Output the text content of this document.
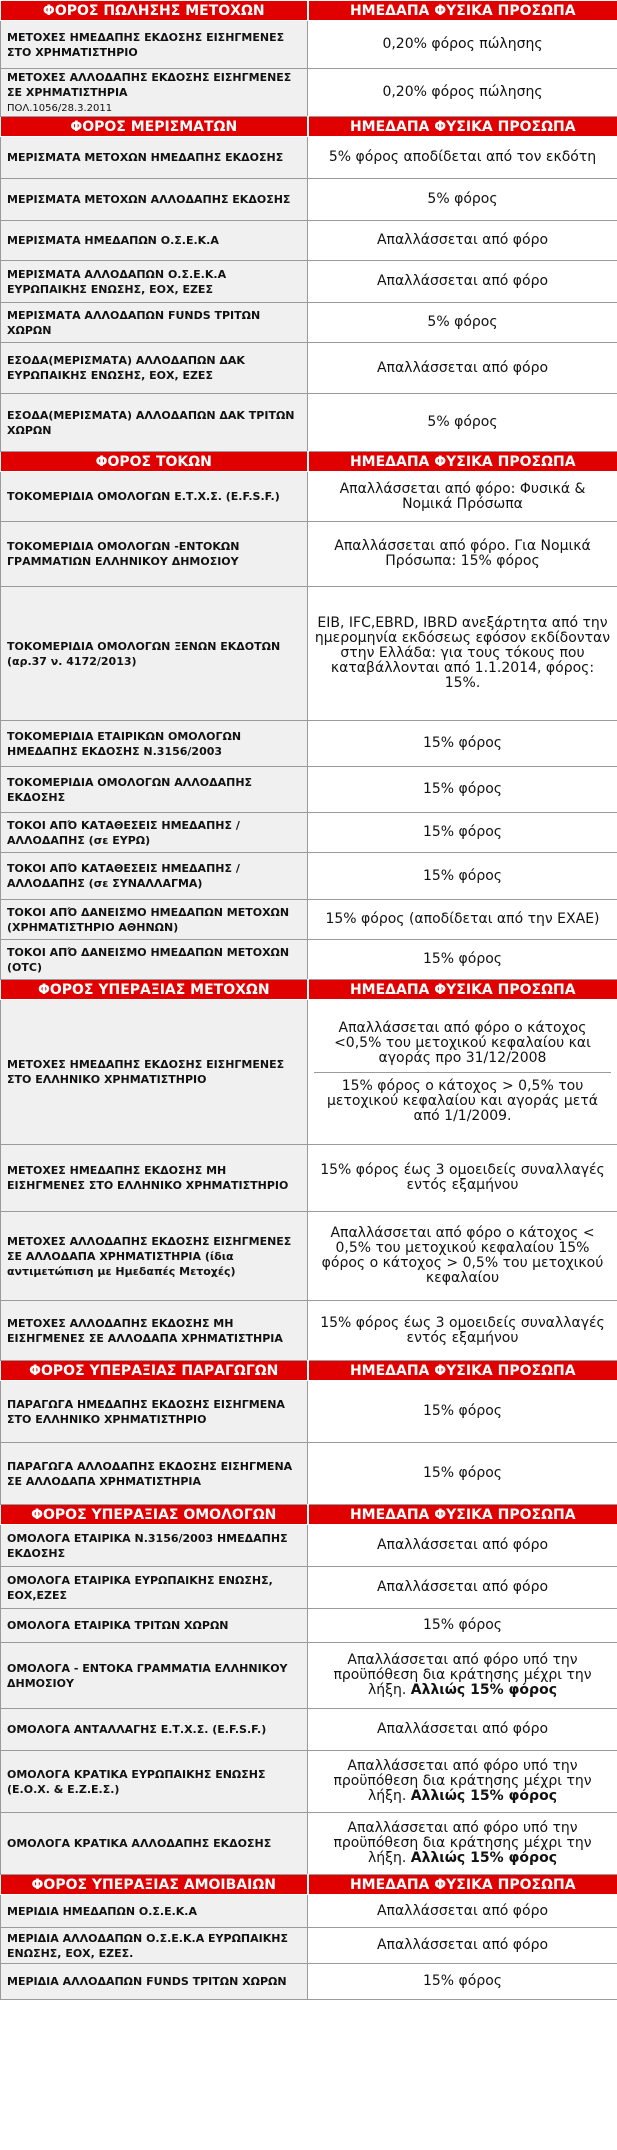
ΦΟΡΟΣ ΠΩΛΗΣΗΣ ΜΕΤΟΧΩΝ	ΗΜΕΔΑΠΑ ΦΥΣΙΚΑ ΠΡΟΣΩΠΑ
ΜΕΤΟΧΕΣ ΗΜΕΔΑΠΗΣ ΕΚΔΟΣΗΣ ΕΙΣΗΓΜΕΝΕΣ ΣΤΟ ΧΡΗΜΑΤΙΣΤΗΡΙΟ	0,20% φόρος πώλησης
ΜΕΤΟΧΕΣ ΑΛΛΟΔΑΠΗΣ ΕΚΔΟΣΗΣ ΕΙΣΗΓΜΕΝΕΣ ΣΕ ΧΡΗΜΑΤΙΣΤΗΡΙΑ
ΠΟΛ.1056/28.3.2011	0,20% φόρος πώλησης
ΦΟΡΟΣ ΜΕΡΙΣΜΑΤΩΝ	ΗΜΕΔΑΠΑ ΦΥΣΙΚΑ ΠΡΟΣΩΠΑ
ΜΕΡΙΣΜΑΤΑ ΜΕΤΟΧΩΝ ΗΜΕΔΑΠΗΣ ΕΚΔΟΣΗΣ	5% φόρος αποδίδεται από τον εκδότη
ΜΕΡΙΣΜΑΤΑ ΜΕΤΟΧΩΝ ΑΛΛΟΔΑΠΗΣ ΕΚΔΟΣΗΣ	5% φόρος
ΜΕΡΙΣΜΑΤΑ ΗΜΕΔΑΠΩΝ Ο.Σ.Ε.Κ.Α	Απαλλάσσεται από φόρο
ΜΕΡΙΣΜΑΤΑ ΑΛΛΟΔΑΠΩΝ Ο.Σ.Ε.Κ.Α ΕΥΡΩΠΑΙΚΗΣ ΕΝΩΣΗΣ, ΕΟΧ, ΕΖΕΣ	Απαλλάσσεται από φόρο
ΜΕΡΙΣΜΑΤΑ ΑΛΛΟΔΑΠΩΝ FUNDS ΤΡΙΤΩΝ ΧΩΡΩΝ	5% φόρος
ΕΣΟΔΑ(ΜΕΡΙΣΜΑΤΑ) ΑΛΛΟΔΑΠΩΝ ΔΑΚ ΕΥΡΩΠΑΙΚΗΣ ΕΝΩΣΗΣ, ΕΟΧ, ΕΖΕΣ	Απαλλάσσεται από φόρο
ΕΣΟΔΑ(ΜΕΡΙΣΜΑΤΑ) ΑΛΛΟΔΑΠΩΝ ΔΑΚ ΤΡΙΤΩΝ ΧΩΡΩΝ	5% φόρος
ΦΟΡΟΣ ΤΟΚΩΝ	ΗΜΕΔΑΠΑ ΦΥΣΙΚΑ ΠΡΟΣΩΠΑ
ΤΟΚΟΜΕΡΙΔΙΑ ΟΜΟΛΟΓΩΝ Ε.Τ.Χ.Σ. (E.F.S.F.)	Απαλλάσσεται από φόρο: Φυσικά & Νομικά Πρόσωπα
ΤΟΚΟΜΕΡΙΔΙΑ ΟΜΟΛΟΓΩΝ -ΕΝΤΟΚΩΝ ΓΡΑΜΜΑΤΙΩΝ ΕΛΛΗΝΙΚΟΥ ΔΗΜΟΣΙΟΥ	Απαλλάσσεται από φόρο. Για Νομικά Πρόσωπα: 15% φόρος
ΤΟΚΟΜΕΡΙΔΙΑ ΟΜΟΛΟΓΩΝ ΞΕΝΩΝ ΕΚΔΟΤΩΝ (αρ.37 ν. 4172/2013)	EIB, IFC,EBRD, IBRD ανεξάρτητα από την ημερομηνία εκδόσεως εφόσον εκδίδονταν στην Ελλάδα: για τους τόκους που καταβάλλονται από 1.1.2014, φόρος: 15%.
ΤΟΚΟΜΕΡΙΔΙΑ ΕΤΑΙΡΙΚΩΝ ΟΜΟΛΟΓΩΝ ΗΜΕΔΑΠΗΣ ΕΚΔΟΣΗΣ Ν.3156/2003	15% φόρος
ΤΟΚΟΜΕΡΙΔΙΑ ΟΜΟΛΟΓΩΝ ΑΛΛΟΔΑΠΗΣ ΕΚΔΟΣΗΣ	15% φόρος
ΤΟΚΟΙ ΑΠΌ ΚΑΤΑΘΕΣΕΙΣ ΗΜΕΔΑΠΗΣ / ΑΛΛΟΔΑΠΗΣ (σε ΕΥΡΩ)	15% φόρος
ΤΟΚΟΙ ΑΠΌ ΚΑΤΑΘΕΣΕΙΣ ΗΜΕΔΑΠΗΣ / ΑΛΛΟΔΑΠΗΣ (σε ΣΥΝΑΛΛΑΓΜΑ)	15% φόρος
ΤΟΚΟΙ ΑΠΌ ΔΑΝΕΙΣΜΟ ΗΜΕΔΑΠΩΝ ΜΕΤΟΧΩΝ (ΧΡΗΜΑΤΙΣΤΗΡΙΟ ΑΘΗΝΩΝ)	15% φόρος (αποδίδεται από την ΕΧΑΕ)
ΤΟΚΟΙ ΑΠΌ ΔΑΝΕΙΣΜΟ ΗΜΕΔΑΠΩΝ ΜΕΤΟΧΩΝ (OTC)	15% φόρος
ΦΟΡΟΣ ΥΠΕΡΑΞΙΑΣ ΜΕΤΟΧΩΝ	ΗΜΕΔΑΠΑ ΦΥΣΙΚΑ ΠΡΟΣΩΠΑ
ΜΕΤΟΧΕΣ ΗΜΕΔΑΠΗΣ ΕΚΔΟΣΗΣ ΕΙΣΗΓΜΕΝΕΣ ΣΤΟ ΕΛΛΗΝΙΚΟ ΧΡΗΜΑΤΙΣΤΗΡΙΟ	Απαλλάσσεται από φόρο ο κάτοχος <0,5% του μετοχικού κεφαλαίου και αγοράς προ 31/12/2008
15% φόρος ο κάτοχος > 0,5% του μετοχικού κεφαλαίου και αγοράς μετά από 1/1/2009.

ΜΕΤΟΧΕΣ ΗΜΕΔΑΠΗΣ ΕΚΔΟΣΗΣ ΜΗ ΕΙΣΗΓΜΕΝΕΣ ΣΤΟ ΕΛΛΗΝΙΚΟ ΧΡΗΜΑΤΙΣΤΗΡΙΟ	15% φόρος έως 3 ομοειδείς συναλλαγές εντός εξαμήνου
ΜΕΤΟΧΕΣ ΑΛΛΟΔΑΠΗΣ ΕΚΔΟΣΗΣ ΕΙΣΗΓΜΕΝΕΣ ΣΕ ΑΛΛΟΔΑΠΑ ΧΡΗΜΑΤΙΣΤΗΡΙΑ (ίδια αντιμετώπιση με Ημεδαπές Μετοχές)	Απαλλάσσεται από φόρο ο κάτοχος < 0,5% του μετοχικού κεφαλαίου 15% φόρος ο κάτοχος > 0,5% του μετοχικού κεφαλαίου
ΜΕΤΟΧΕΣ ΑΛΛΟΔΑΠΗΣ ΕΚΔΟΣΗΣ ΜΗ ΕΙΣΗΓΜΕΝΕΣ ΣΕ ΑΛΛΟΔΑΠΑ ΧΡΗΜΑΤΙΣΤΗΡΙΑ	15% φόρος έως 3 ομοειδείς συναλλαγές εντός εξαμήνου
ΦΟΡΟΣ ΥΠΕΡΑΞΙΑΣ ΠΑΡΑΓΩΓΩΝ	ΗΜΕΔΑΠΑ ΦΥΣΙΚΑ ΠΡΟΣΩΠΑ
ΠΑΡΑΓΩΓΑ ΗΜΕΔΑΠΗΣ ΕΚΔΟΣΗΣ ΕΙΣΗΓΜΕΝΑ ΣΤΟ ΕΛΛΗΝΙΚΟ ΧΡΗΜΑΤΙΣΤΗΡΙΟ	15% φόρος
ΠΑΡΑΓΩΓΑ ΑΛΛΟΔΑΠΗΣ ΕΚΔΟΣΗΣ ΕΙΣΗΓΜΕΝΑ ΣΕ ΑΛΛΟΔΑΠΑ ΧΡΗΜΑΤΙΣΤΗΡΙΑ	15% φόρος
ΦΟΡΟΣ ΥΠΕΡΑΞΙΑΣ ΟΜΟΛΟΓΩΝ	ΗΜΕΔΑΠΑ ΦΥΣΙΚΑ ΠΡΟΣΩΠΑ
ΟΜΟΛΟΓΑ ΕΤΑΙΡΙΚΑ Ν.3156/2003 ΗΜΕΔΑΠΗΣ ΕΚΔΟΣΗΣ	Απαλλάσσεται από φόρο
ΟΜΟΛΟΓΑ ΕΤΑΙΡΙΚΑ ΕΥΡΩΠΑΙΚΗΣ ΕΝΩΣΗΣ, ΕΟΧ,ΕΖΕΣ	Απαλλάσσεται από φόρο
ΟΜΟΛΟΓΑ ΕΤΑΙΡΙΚΑ ΤΡΙΤΩΝ ΧΩΡΩΝ	15% φόρος
ΟΜΟΛΟΓΑ - ΕΝΤΟΚΑ ΓΡΑΜΜΑΤΙΑ ΕΛΛΗΝΙΚΟΥ ΔΗΜΟΣΙΟΥ	Απαλλάσσεται από φόρο υπό την προϋπόθεση δια κράτησης μέχρι την λήξη. Αλλιώς 15% φόρος
ΟΜΟΛΟΓΑ ΑΝΤΑΛΛΑΓΗΣ Ε.Τ.Χ.Σ. (E.F.S.F.)	Απαλλάσσεται από φόρο
ΟΜΟΛΟΓΑ ΚΡΑΤΙΚΑ ΕΥΡΩΠΑΙΚΗΣ ΕΝΩΣΗΣ (Ε.Ο.Χ. & Ε.Ζ.Ε.Σ.)	Απαλλάσσεται από φόρο υπό την προϋπόθεση δια κράτησης μέχρι την λήξη. Αλλιώς 15% φόρος
ΟΜΟΛΟΓΑ ΚΡΑΤΙΚΑ ΑΛΛΟΔΑΠΗΣ ΕΚΔΟΣΗΣ	Απαλλάσσεται από φόρο υπό την προϋπόθεση δια κράτησης μέχρι την λήξη. Αλλιώς 15% φόρος
ΦΟΡΟΣ ΥΠΕΡΑΞΙΑΣ ΑΜΟΙΒΑΙΩΝ	ΗΜΕΔΑΠΑ ΦΥΣΙΚΑ ΠΡΟΣΩΠΑ
ΜΕΡΙΔΙΑ ΗΜΕΔΑΠΩΝ Ο.Σ.Ε.Κ.Α	Απαλλάσσεται από φόρο
ΜΕΡΙΔΙΑ ΑΛΛΟΔΑΠΩΝ Ο.Σ.Ε.Κ.Α ΕΥΡΩΠΑΙΚΗΣ ΕΝΩΣΗΣ, ΕΟΧ, ΕΖΕΣ.	Απαλλάσσεται από φόρο
ΜΕΡΙΔΙΑ ΑΛΛΟΔΑΠΩΝ FUNDS ΤΡΙΤΩΝ ΧΩΡΩΝ	15% φόρος
